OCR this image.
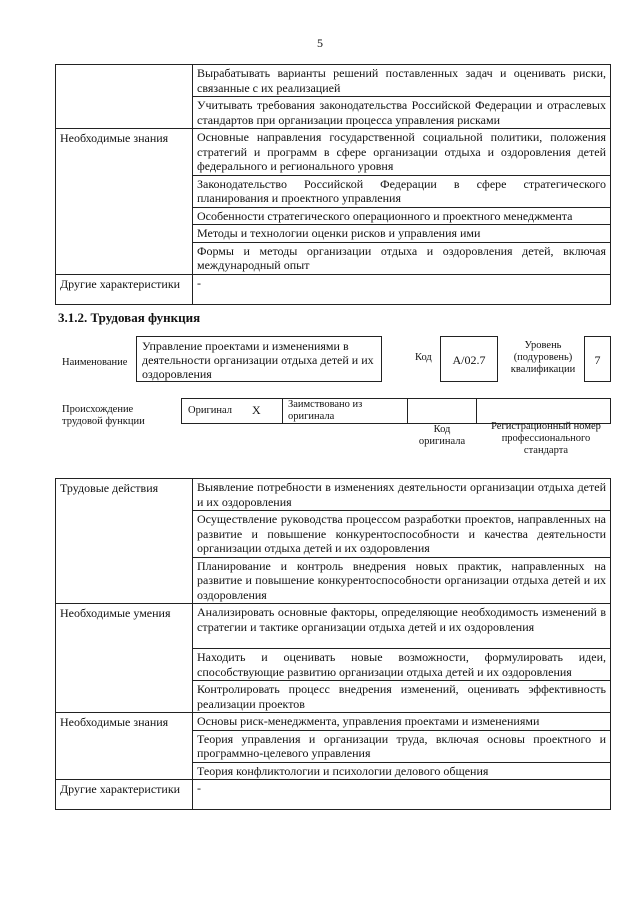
5
	Вырабатывать варианты решений поставленных задач и оценивать риски, связанные с их реализацией
	Учитывать требования законодательства Российской Федерации и отраслевых стандартов при организации процесса управления рисками
Необходимые знания	Основные направления государственной социальной политики, положения стратегий и программ в сфере организации отдыха и оздоровления детей федерального и регионального уровня
	Законодательство Российской Федерации в сфере стратегического планирования и проектного управления
	Особенности стратегического операционного и проектного менеджмента
	Методы и технологии оценки рисков и управления ими
	Формы и методы организации отдыха и оздоровления детей, включая международный опыт
Другие характеристики	-
3.1.2. Трудовая функция
Наименование
Управление проектами и изменениями в деятельности организации отдыха детей и их оздоровления
Код	А/02.7
Уровень (подуровень) квалификации
7
Происхождение трудовой функции
Оригинал Х	Заимствовано из оригинала
Код оригинала
Регистрационный номер профессионального стандарта
Трудовые действия	Выявление потребности в изменениях деятельности организации отдыха детей и их оздоровления
	Осуществление руководства процессом разработки проектов, направленных на развитие и повышение конкурентоспособности и качества деятельности организации отдыха детей и их оздоровления
	Планирование и контроль внедрения новых практик, направленных на развитие и повышение конкурентоспособности организации отдыха детей и их оздоровления
Необходимые умения	Анализировать основные факторы, определяющие необходимость изменений в стратегии и тактике организации отдыха детей и их оздоровления
	Находить и оценивать новые возможности, формулировать идеи, способствующие развитию организации отдыха детей и их оздоровления
	Контролировать процесс внедрения изменений, оценивать эффективность реализации проектов
Необходимые знания	Основы риск-менеджмента, управления проектами и изменениями
	Теория управления и организации труда, включая основы проектного и программно-целевого управления
	Теория конфликтологии и психологии делового общения
Другие характеристики	-
